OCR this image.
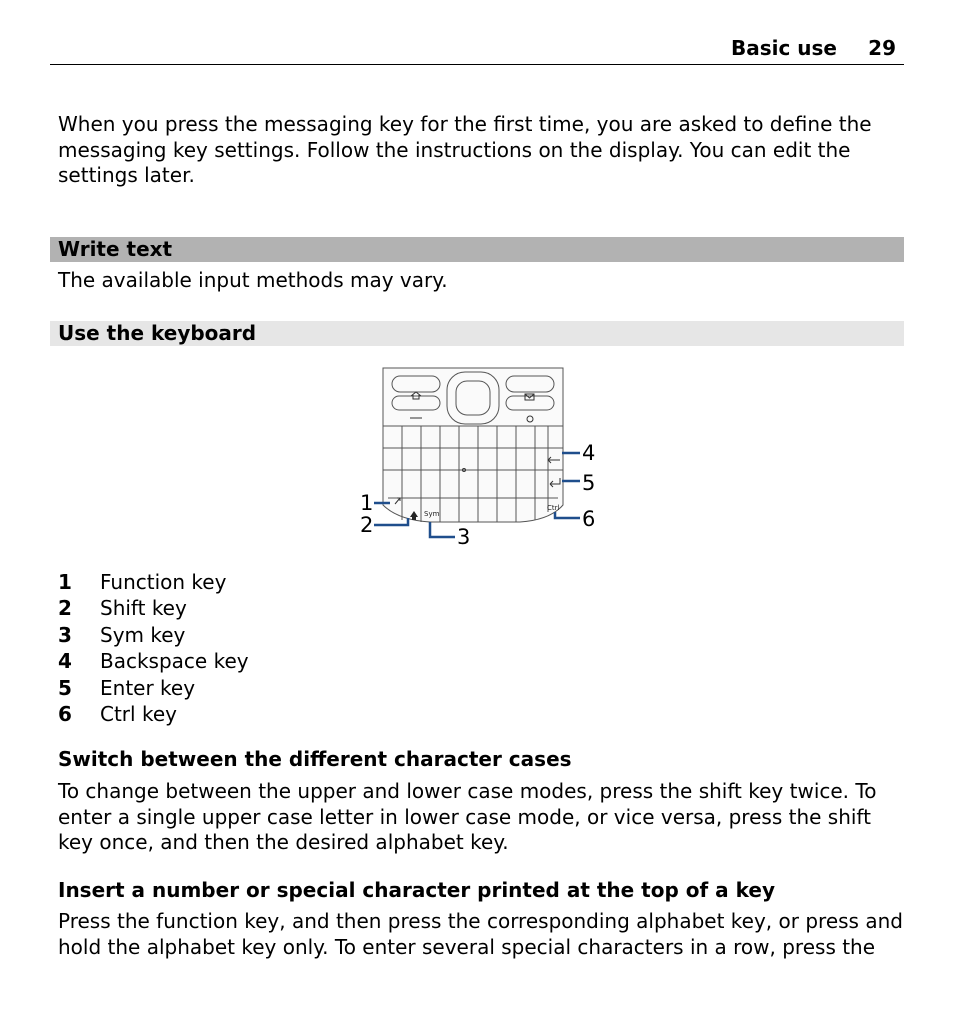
Basic use 29

When you press the messaging key for the first time, you are asked to define the messaging key settings. Follow the instructions on the display. You can edit the settings later.

Write text

The available input methods may vary.

Use the keyboard
Sym
Ctrl
1
2	3
4
5
6
1 Function key
2 Shift key
3 Sym key
4 Backspace key
5 Enter key
6 Ctrl key
Switch between the different character cases

To change between the upper and lower case modes, press the shift key twice. To enter a single upper case letter in lower case mode, or vice versa, press the shift key once, and then the desired alphabet key.

Insert a number or special character printed at the top of a key

Press the function key, and then press the corresponding alphabet key, or press and hold the alphabet key only. To enter several special characters in a row, press the
